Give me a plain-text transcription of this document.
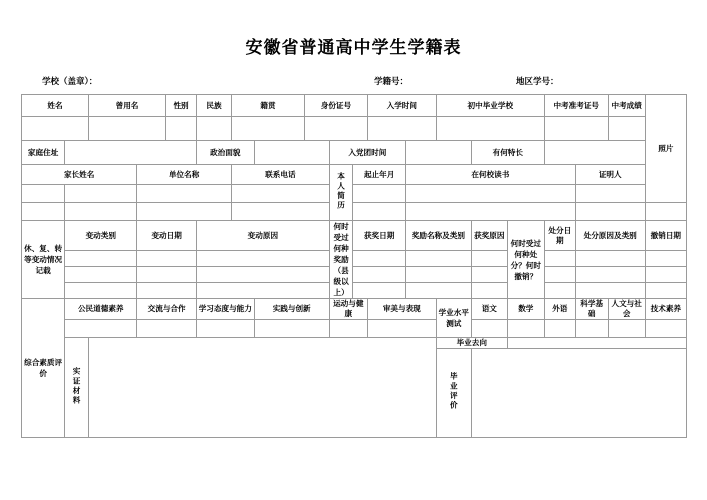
安徽省普通高中学生学籍表
学校（盖章）：	学籍号：	地区学号：
姓名		曾用名		性别	民族	籍贯		身份证号			入学时间		初中毕业学校			中考准考证号		中考成绩	照片

家庭住址					政治面貌				入党团时间					有何特长					
家长姓名			单位名称			联系电话			本人简历	起止年月		在何校读书					证明人		

休、复、转等变动情况记载	变动类别		变动日期		变动原因				何时受过何种奖励（县级以上）	获奖日期		奖励名称及类别		获奖原因	何时受过何种处分？何时撤销？	处分日期	处分原因及类别		撤销日期

综合素质评价	公民道德素养		交流与合作		学习态度与能力		实践与创新		运动与健康		审美与表现		学业水平测试	语文	数学	外语	科学基础	人文与社会	技术素养

	实证材料												毕业去向						
													毕业评价						
